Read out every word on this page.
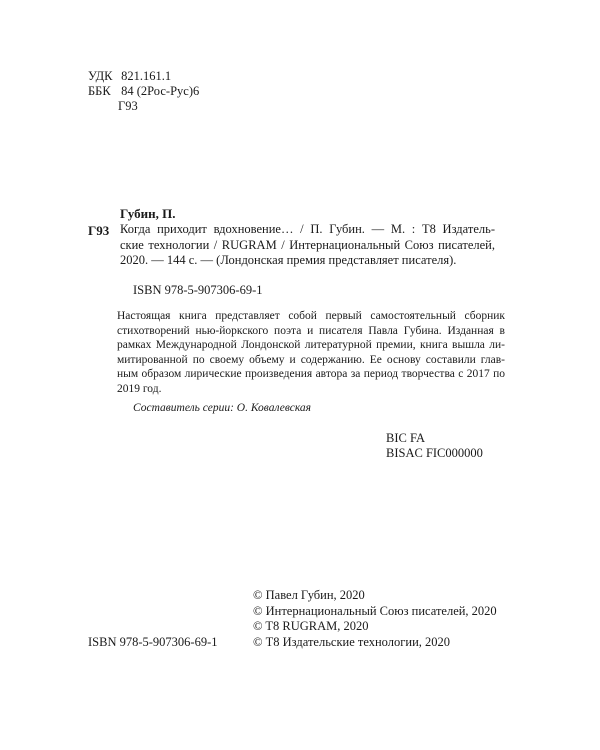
УДК 821.161.1
ББК 84 (2Рос-Рус)6
Г93
Губин, П.
Г93 Когда приходит вдохновение… / П. Губин. — М. : Т8 Издатель-
ские технологии / RUGRAM / Интернациональный Союз писателей,
2020. — 144 с. — (Лондонская премия представляет писателя).
ISBN 978-5-907306-69-1
Настоящая книга представляет собой первый самостоятельный сборник
стихотворений нью-йоркского поэта и писателя Павла Губина. Изданная в
рамках Международной Лондонской литературной премии, книга вышла ли-
митированной по своему объему и содержанию. Ее основу составили глав-
ным образом лирические произведения автора за период творчества с 2017 по
2019 год.
Составитель серии: О. Ковалевская
BIC FA
BISAC FIC000000
© Павел Губин, 2020
© Интернациональный Союз писателей, 2020
© T8 RUGRAM, 2020
© Т8 Издательские технологии, 2020
ISBN 978-5-907306-69-1
